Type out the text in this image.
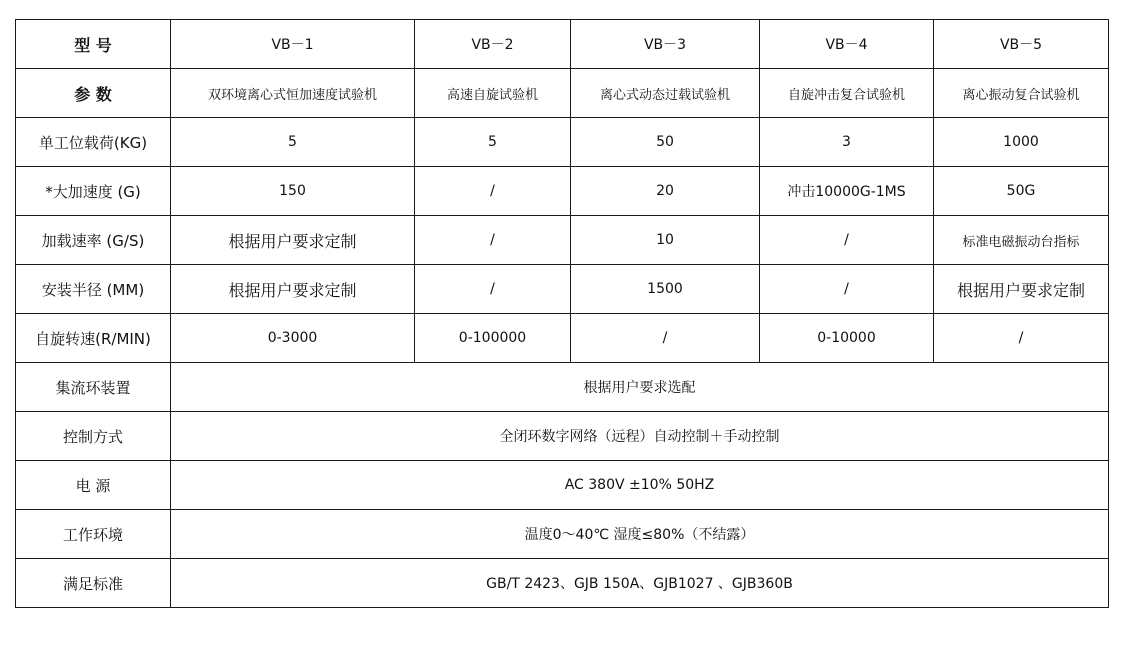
型 号	VB－1	VB－2	VB－3	VB－4	VB－5
参 数	双环境离心式恒加速度试验机	高速自旋试验机	离心式动态过载试验机	自旋冲击复合试验机	离心振动复合试验机
单工位载荷(KG)	5	5	50	3	1000
*大加速度 (G)	150	/	20	冲击10000G-1MS	50G
加载速率 (G/S)	根据用户要求定制	/	10	/	标准电磁振动台指标
安装半径 (MM)	根据用户要求定制	/	1500	/	根据用户要求定制
自旋转速(R/MIN)	0-3000	0-100000	/	0-10000	/
集流环装置	根据用户要求选配				
控制方式	全闭环数字网络（远程）自动控制＋手动控制				
电 源	AC 380V ±10% 50HZ				
工作环境	温度0～40℃ 湿度≤80%（不结露）				
满足标准	GB/T 2423、GJB 150A、GJB1027 、GJB360B				
